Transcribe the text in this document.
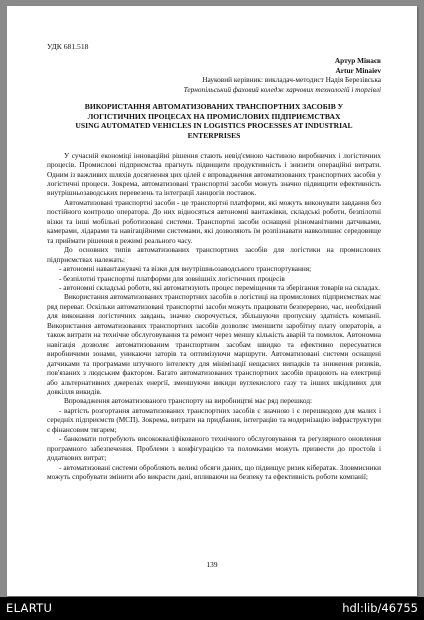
УДК 681.518
Артур Мінаєв
Artur Minaiev
Науковий керівник: викладач-методист Надія Березівська
Тернопільський фаховий коледж харчових технологій і торгівлі
ВИКОРИСТАННЯ АВТОМАТИЗОВАНИХ ТРАНСПОРТНИХ ЗАСОБІВ У
ЛОГІСТИЧНИХ ПРОЦЕСАХ НА ПРОМИСЛОВИХ ПІДПРИЄМСТВАХ
USING AUTOMATED VEHICLES IN LOGISTICS PROCESSES AT INDUSTRIAL
ENTERPRISES

У сучасній економіці інноваційні рішення стають невід'ємною частиною виробничих і логістичних процесів. Промислові підприємства прагнуть підвищити продуктивність і знизити операційні витрати. Одним із важливих шляхів досягнення цих цілей є впровадження автоматизованих транспортних засобів у логістичні процеси. Зокрема, автоматизовані транспортні засоби можуть значно підвищити ефективність внутрішньозаводських перевезень та інтеграції ланцюгів поставок.

Автоматизовані транспортні засоби - це транспортні платформи, які можуть виконувати завдання без постійного контролю оператора. До них відносяться автономні вантажівки, складські роботи, безпілотні візки та інші мобільні роботизовані системи. Транспортні засоби оснащені різноманітними датчиками, камерами, лідарами та навігаційними системами, які дозволяють їм розпізнавати навколишнє середовище та приймати рішення в режимі реального часу.

До основних типів автоматизованих транспортних засобів для логістики на промислових підприємствах належать:

- автономні навантажувачі та візки для внутрішньозаводського транспортування;
- безпілотні транспортні платформи для зовнішніх логістичних процесів
- автономні складські роботи, які автоматизують процес переміщення та зберігання товарів на складах.

Використання автоматизованих транспортних засобів в логістиці на промислових підприємствах має ряд переваг. Оскільки автоматизовані транспортні засоби можуть працювати безперервно, час, необхідний для виконання логістичних завдань, значно скорочується, збільшуючи пропускну здатність компанії. Використання автоматизованих транспортних засобів дозволяє зменшити заробітну плату операторів, а також витрати на технічне обслуговування та ремонт через меншу кількість аварій та помилок. Автономна навігація дозволяє автоматизованим транспортним засобам швидко та ефективно пересуватися виробничими зонами, уникаючи заторів та оптимізуючи маршрути. Автоматизовані системи оснащені датчиками та програмами штучного інтелекту для мінімізації нещасних випадків та зниження ризиків, пов'язаних з людським фактором. Багато автоматизованих транспортних засобів працюють на електриці або альтернативних джерелах енергії, зменшуючи викиди вуглекислого газу та інших шкідливих для довкілля викидів.

Впровадження автоматизованого транспорту на виробництві має ряд перешкод:

- вартість розгортання автоматизованих транспортних засобів є значною і є перешкодою для малих і середніх підприємств (МСП). Зокрема, витрати на придбання, інтеграцію та модернізацію інфраструктури є фінансовим тягарем;
- банкомати потребують висококваліфікованого технічного обслуговування та регулярного оновлення програмного забезпечення. Проблеми з конфігурацією та поломками можуть призвести до простоїв і додаткових витрат;
- автоматизовані системи обробляють великі обсяги даних, що підвищує ризик кібератак. Зловмисники можуть спробувати змінити або викрасти дані, впливаючи на безпеку та ефективність роботи компанії;
139
ELARTU	hdl:lib/46755
